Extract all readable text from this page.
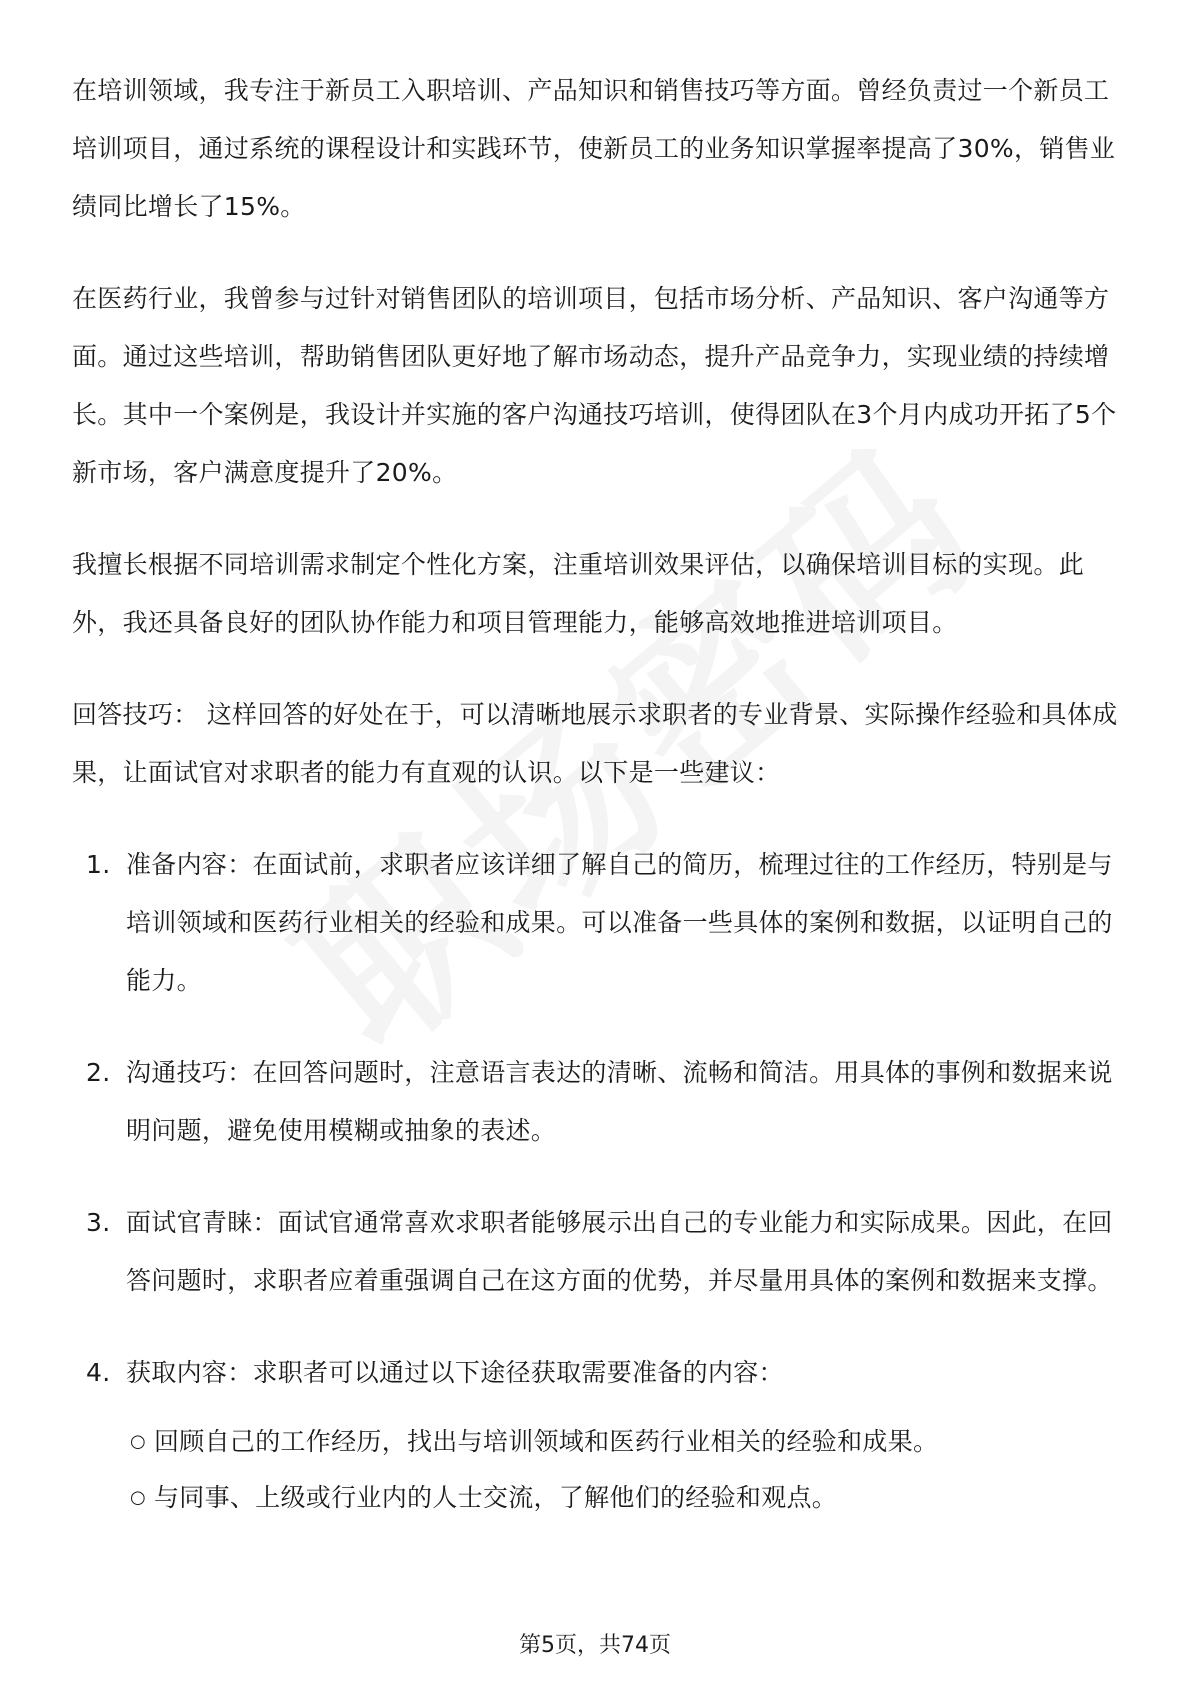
在培训领域，我专注于新员工入职培训、产品知识和销售技巧等方面。曾经负责过一个新员工培训项目，通过系统的课程设计和实践环节，使新员工的业务知识掌握率提高了30%，销售业绩同比增长了15%。

在医药行业，我曾参与过针对销售团队的培训项目，包括市场分析、产品知识、客户沟通等方面。通过这些培训，帮助销售团队更好地了解市场动态，提升产品竞争力，实现业绩的持续增长。其中一个案例是，我设计并实施的客户沟通技巧培训，使得团队在3个月内成功开拓了5个新市场，客户满意度提升了20%。

我擅长根据不同培训需求制定个性化方案，注重培训效果评估，以确保培训目标的实现。此外，我还具备良好的团队协作能力和项目管理能力，能够高效地推进培训项目。

回答技巧： 这样回答的好处在于，可以清晰地展示求职者的专业背景、实际操作经验和具体成果，让面试官对求职者的能力有直观的认识。以下是一些建议：

1. 准备内容：在面试前，求职者应该详细了解自己的简历，梳理过往的工作经历，特别是与培训领域和医药行业相关的经验和成果。可以准备一些具体的案例和数据，以证明自己的能力。
2. 沟通技巧：在回答问题时，注意语言表达的清晰、流畅和简洁。用具体的事例和数据来说明问题，避免使用模糊或抽象的表述。
3. 面试官青睐：面试官通常喜欢求职者能够展示出自己的专业能力和实际成果。因此，在回答问题时，求职者应着重强调自己在这方面的优势，并尽量用具体的案例和数据来支撑。
4. 获取内容：求职者可以通过以下途径获取需要准备的内容：
○ 回顾自己的工作经历，找出与培训领域和医药行业相关的经验和成果。
○ 与同事、上级或行业内的人士交流，了解他们的经验和观点。
第5页，共74页
